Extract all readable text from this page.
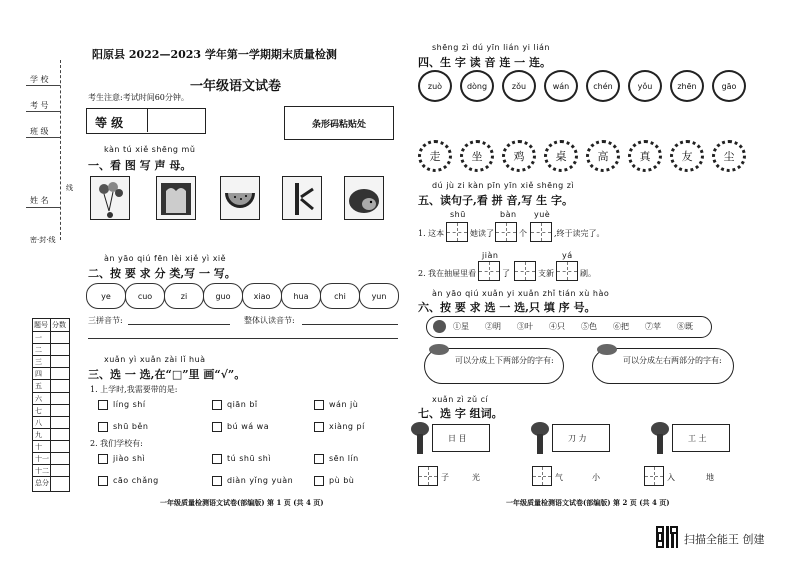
学 校
考 号
班 级
线
姓 名
密·封·线
题号 分数
一
二
三
四
五
六
七
八
九
十
十一
十二
总分
阳原县 2022—2023 学年第一学期期末质量检测
一年级语文试卷
考生注意:考试时间60分钟。
等 级	条形码粘贴处
kàn tú xiě shēng mǔ
一、看 图 写 声 母。
àn yāo qiú fēn lèi xiě yì xiě
二、按 要 求 分 类,写 一 写。
ye	cuo	zi	guo	xiao	hua	chi	yun
三拼音节:	整体认读音节:
xuǎn yì xuǎn zài lǐ huà
三、选 一 选,在“□”里 画“√”。
1. 上学时,我需要带的是:
2. 我们学校有:
líng shí	qiān bǐ	wán jù
shū běn	bú wá wa	xiàng pí
jiào shì	tú shū shì	sēn lín
cāo chǎng	diàn yǐng yuàn	pù bù
一年级质量检测语文试卷(部编版) 第 1 页 (共 4 页)
shēng zì dú yīn lián yi lián
四、生 字 读 音 连 一 连。
zuò	dòng	zǒu	wán	chén	yǒu	zhēn	gāo
走	坐	鸡	桌	高	真	友	尘
dú jù zi kàn pīn yīn xiě shēng zì
五、读句子,看 拼 音,写 生 字。
shū	bàn yuè
1. 这本	她读了	个	,终于读完了。
jiàn	yá
2. 我在抽屉里看	了	支新	刷。
àn yāo qiú xuǎn yi xuǎn zhǐ tián xù hào
六、按 要 求 选 一 选,只 填 序 号。
①星 ②明 ③叶 ④只 ⑤色 ⑥把 ⑦苹 ⑧既
可以分成上下两部分的字有:	可以分成左右两部分的字有:
xuǎn zì zǔ cí
七、选 字 组词。
日 目	刀 力	工 土
子	光	气	小	入	地
一年级质量检测语文试卷(部编版) 第 2 页 (共 4 页)
扫描全能王 创建
